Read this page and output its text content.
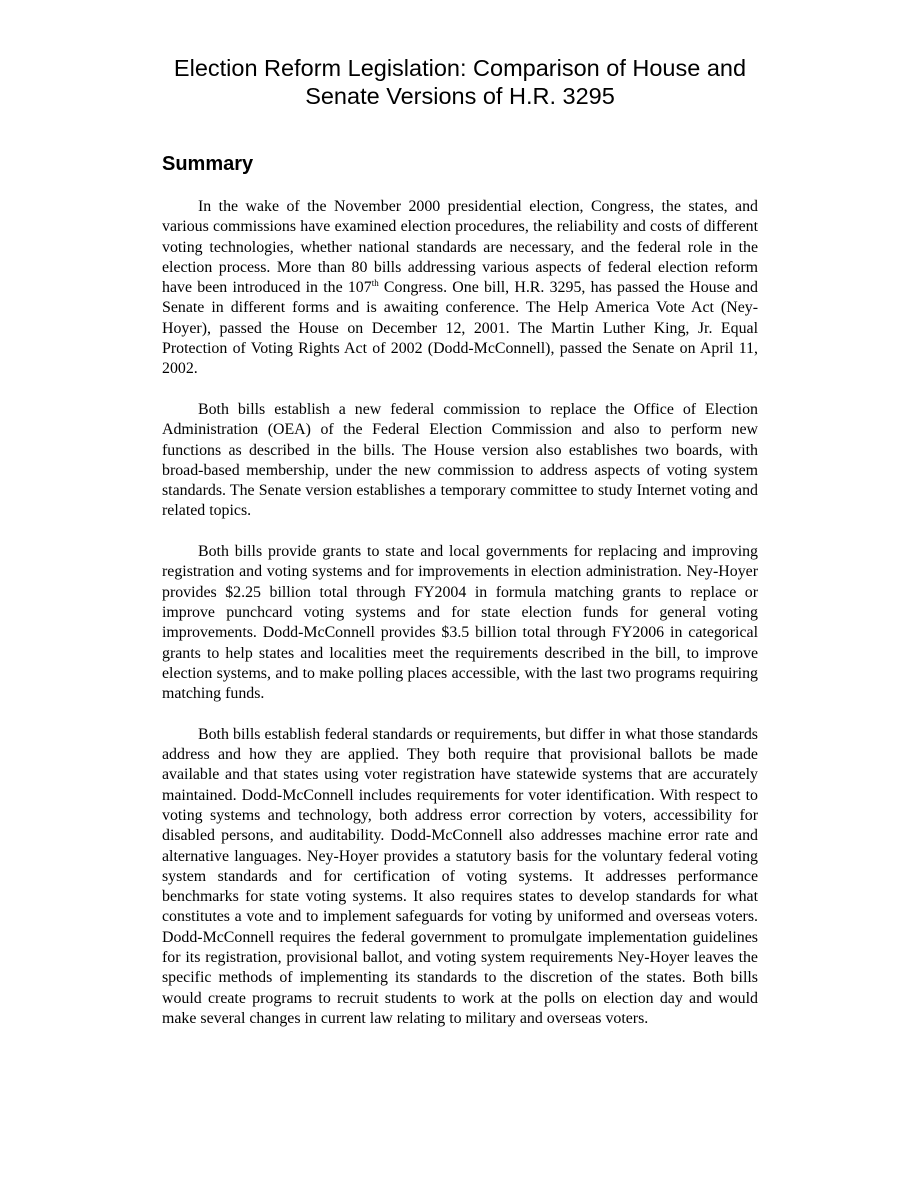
Election Reform Legislation: Comparison of House and
Senate Versions of H.R. 3295
Summary

In the wake of the November 2000 presidential election, Congress, the states, and various commissions have examined election procedures, the reliability and costs of different voting technologies, whether national standards are necessary, and the federal role in the election process. More than 80 bills addressing various aspects of federal election reform have been introduced in the 107th Congress. One bill, H.R. 3295, has passed the House and Senate in different forms and is awaiting conference. The Help America Vote Act (Ney-Hoyer), passed the House on December 12, 2001. The Martin Luther King, Jr. Equal Protection of Voting Rights Act of 2002 (Dodd-McConnell), passed the Senate on April 11, 2002.

Both bills establish a new federal commission to replace the Office of Election Administration (OEA) of the Federal Election Commission and also to perform new functions as described in the bills. The House version also establishes two boards, with broad-based membership, under the new commission to address aspects of voting system standards. The Senate version establishes a temporary committee to study Internet voting and related topics.

Both bills provide grants to state and local governments for replacing and improving registration and voting systems and for improvements in election administration. Ney-Hoyer provides $2.25 billion total through FY2004 in formula matching grants to replace or improve punchcard voting systems and for state election funds for general voting improvements. Dodd-McConnell provides $3.5 billion total through FY2006 in categorical grants to help states and localities meet the requirements described in the bill, to improve election systems, and to make polling places accessible, with the last two programs requiring matching funds.

Both bills establish federal standards or requirements, but differ in what those standards address and how they are applied. They both require that provisional ballots be made available and that states using voter registration have statewide systems that are accurately maintained. Dodd-McConnell includes requirements for voter identification. With respect to voting systems and technology, both address error correction by voters, accessibility for disabled persons, and auditability. Dodd-McConnell also addresses machine error rate and alternative languages. Ney-Hoyer provides a statutory basis for the voluntary federal voting system standards and for certification of voting systems. It addresses performance benchmarks for state voting systems. It also requires states to develop standards for what constitutes a vote and to implement safeguards for voting by uniformed and overseas voters. Dodd-McConnell requires the federal government to promulgate implementation guidelines for its registration, provisional ballot, and voting system requirements Ney-Hoyer leaves the specific methods of implementing its standards to the discretion of the states. Both bills would create programs to recruit students to work at the polls on election day and would make several changes in current law relating to military and overseas voters.
